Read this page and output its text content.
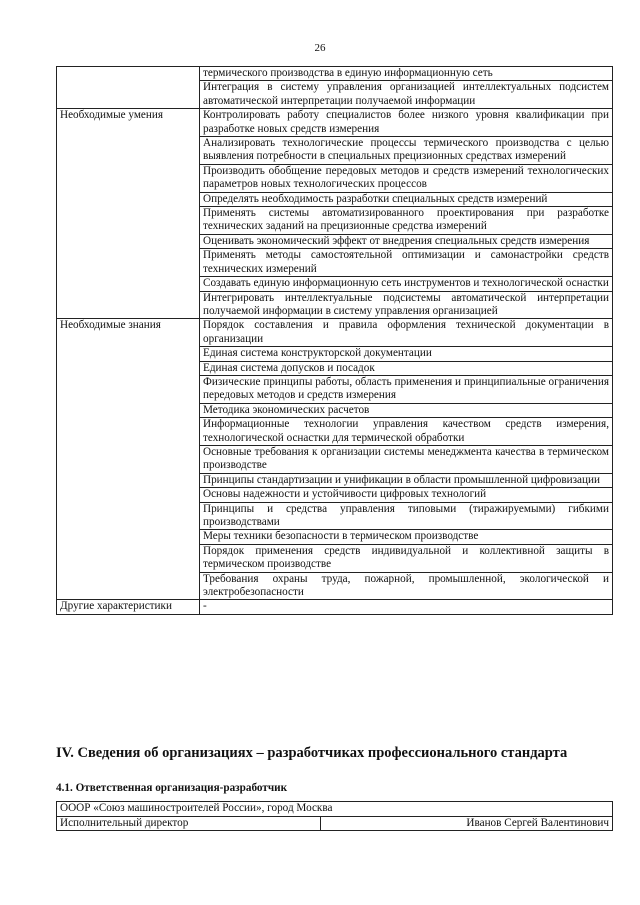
26
	термического производства в единую информационную сеть
	Интеграция в систему управления организацией интеллектуальных подсистем автоматической интерпретации получаемой информации
Необходимые умения	Контролировать работу специалистов более низкого уровня квалификации при разработке новых средств измерения
	Анализировать технологические процессы термического производства с целью выявления потребности в специальных прецизионных средствах измерений
	Производить обобщение передовых методов и средств измерений технологических параметров новых технологических процессов
	Определять необходимость разработки специальных средств измерений
	Применять системы автоматизированного проектирования при разработке технических заданий на прецизионные средства измерений
	Оценивать экономический эффект от внедрения специальных средств измерения
	Применять методы самостоятельной оптимизации и самонастройки средств технических измерений
	Создавать единую информационную сеть инструментов и технологической оснастки
	Интегрировать интеллектуальные подсистемы автоматической интерпретации получаемой информации в систему управления организацией
Необходимые знания	Порядок составления и правила оформления технической документации в организации
	Единая система конструкторской документации
	Единая система допусков и посадок
	Физические принципы работы, область применения и принципиальные ограничения передовых методов и средств измерения
	Методика экономических расчетов
	Информационные технологии управления качеством средств измерения, технологической оснастки для термической обработки
	Основные требования к организации системы менеджмента качества в термическом производстве
	Принципы стандартизации и унификации в области промышленной цифровизации
	Основы надежности и устойчивости цифровых технологий
	Принципы и средства управления типовыми (тиражируемыми) гибкими производствами
	Меры техники безопасности в термическом производстве
	Порядок применения средств индивидуальной и коллективной защиты в термическом производстве
	Требования охраны труда, пожарной, промышленной, экологической и электробезопасности
Другие характеристики	-
IV. Сведения об организациях – разработчиках профессионального стандарта
4.1. Ответственная организация-разработчик
ОООР «Союз машиностроителей России», город Москва
Исполнительный директор	Иванов Сергей Валентинович
